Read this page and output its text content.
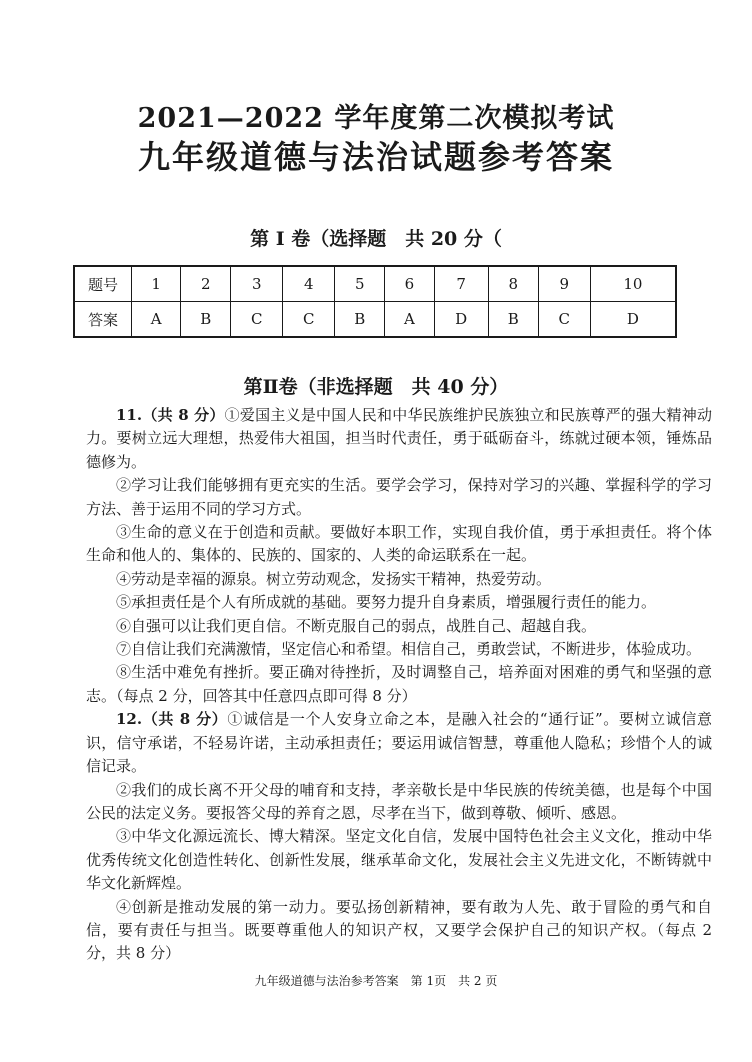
2021—2022 学年度第二次模拟考试
九年级道德与法治试题参考答案
第 I 卷（选择题　共 20 分（
题号	1	2	3	4	5	6	7	8	9	10
答案	A	B	C	C	B	A	D	B	C	D
第Ⅱ卷（非选择题　共 40 分）

11.（共 8 分）①爱国主义是中国人民和中华民族维护民族独立和民族尊严的强大精神动力。要树立远大理想，热爱伟大祖国，担当时代责任，勇于砥砺奋斗，练就过硬本领，锤炼品德修为。

②学习让我们能够拥有更充实的生活。要学会学习，保持对学习的兴趣、掌握科学的学习方法、善于运用不同的学习方式。

③生命的意义在于创造和贡献。要做好本职工作，实现自我价值，勇于承担责任。将个体生命和他人的、集体的、民族的、国家的、人类的命运联系在一起。

④劳动是幸福的源泉。树立劳动观念，发扬实干精神，热爱劳动。

⑤承担责任是个人有所成就的基础。要努力提升自身素质，增强履行责任的能力。

⑥自强可以让我们更自信。不断克服自己的弱点，战胜自己、超越自我。

⑦自信让我们充满激情，坚定信心和希望。相信自己，勇敢尝试，不断进步，体验成功。

⑧生活中难免有挫折。要正确对待挫折，及时调整自己，培养面对困难的勇气和坚强的意志。（每点 2 分，回答其中任意四点即可得 8 分）

12.（共 8 分）①诚信是一个人安身立命之本，是融入社会的“通行证”。要树立诚信意识，信守承诺，不轻易许诺，主动承担责任；要运用诚信智慧，尊重他人隐私；珍惜个人的诚信记录。

②我们的成长离不开父母的哺育和支持，孝亲敬长是中华民族的传统美德，也是每个中国公民的法定义务。要报答父母的养育之恩，尽孝在当下，做到尊敬、倾听、感恩。

③中华文化源远流长、博大精深。坚定文化自信，发展中国特色社会主义文化，推动中华优秀传统文化创造性转化、创新性发展，继承革命文化，发展社会主义先进文化，不断铸就中华文化新辉煌。

④创新是推动发展的第一动力。要弘扬创新精神，要有敢为人先、敢于冒险的勇气和自信，要有责任与担当。既要尊重他人的知识产权，又要学会保护自己的知识产权。（每点 2 分，共 8 分）

九年级道德与法治参考答案　第 1页　共 2 页
